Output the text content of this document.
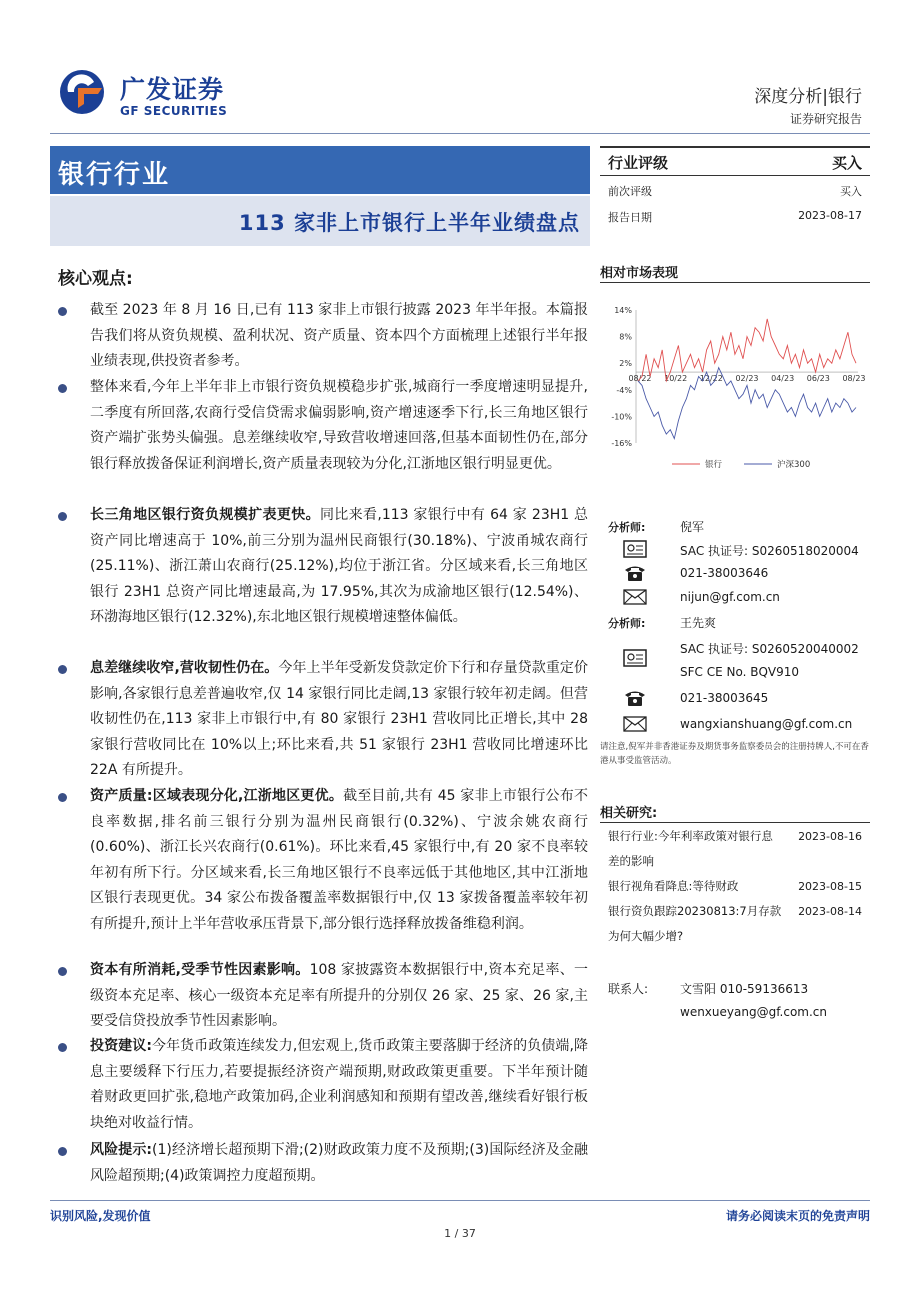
广发证券
GF SECURITIES
深度分析|银行
证券研究报告
银行行业
113 家非上市银行上半年业绩盘点
行业评级	买入
前次评级	买入
报告日期	2023-08-17
相对市场表现
14%
8%
2%
-4%
-10%
-16%
08/22 10/22 12/22 02/23 04/23 06/23 08/23
银行	沪深300
分析师:	倪军
SAC 执证号: S0260518020004
021-38003646
nijun@gf.com.cn
分析师:	王先爽
SAC 执证号: S0260520040002
SFC CE No. BQV910
021-38003645
wangxianshuang@gf.com.cn
请注意,倪军并非香港证券及期货事务监察委员会的注册持牌人,不可在香港从事受监管活动。
相关研究:
银行行业:今年利率政策对银行息差的影响
2023-08-16
银行视角看降息:等待财政	2023-08-15
银行资负跟踪20230813:7月存款为何大幅少增?
2023-08-14
联系人:	文雪阳 010-59136613
wenxueyang@gf.com.cn
核心观点:
截至 2023 年 8 月 16 日,已有 113 家非上市银行披露 2023 年半年报。本篇报告我们将从资负规模、盈利状况、资产质量、资本四个方面梳理上述银行半年报业绩表现,供投资者参考。
整体来看,今年上半年非上市银行资负规模稳步扩张,城商行一季度增速明显提升,二季度有所回落,农商行受信贷需求偏弱影响,资产增速逐季下行,长三角地区银行资产端扩张势头偏强。息差继续收窄,导致营收增速回落,但基本面韧性仍在,部分银行释放拨备保证利润增长,资产质量表现较为分化,江浙地区银行明显更优。
长三角地区银行资负规模扩表更快。同比来看,113 家银行中有 64 家 23H1 总资产同比增速高于 10%,前三分别为温州民商银行(30.18%)、宁波甬城农商行(25.11%)、浙江萧山农商行(25.12%),均位于浙江省。分区域来看,长三角地区银行 23H1 总资产同比增速最高,为 17.95%,其次为成渝地区银行(12.54%)、环渤海地区银行(12.32%),东北地区银行规模增速整体偏低。
息差继续收窄,营收韧性仍在。今年上半年受新发贷款定价下行和存量贷款重定价影响,各家银行息差普遍收窄,仅 14 家银行同比走阔,13 家银行较年初走阔。但营收韧性仍在,113 家非上市银行中,有 80 家银行 23H1 营收同比正增长,其中 28 家银行营收同比在 10%以上;环比来看,共 51 家银行 23H1 营收同比增速环比 22A 有所提升。
资产质量:区域表现分化,江浙地区更优。截至目前,共有 45 家非上市银行公布不良率数据,排名前三银行分别为温州民商银行(0.32%)、宁波余姚农商行(0.60%)、浙江长兴农商行(0.61%)。环比来看,45 家银行中,有 20 家不良率较年初有所下行。分区域来看,长三角地区银行不良率远低于其他地区,其中江浙地区银行表现更优。34 家公布拨备覆盖率数据银行中,仅 13 家拨备覆盖率较年初有所提升,预计上半年营收承压背景下,部分银行选择释放拨备维稳利润。
资本有所消耗,受季节性因素影响。108 家披露资本数据银行中,资本充足率、一级资本充足率、核心一级资本充足率有所提升的分别仅 26 家、25 家、26 家,主要受信贷投放季节性因素影响。
投资建议:今年货币政策连续发力,但宏观上,货币政策主要落脚于经济的负债端,降息主要缓释下行压力,若要提振经济资产端预期,财政政策更重要。下半年预计随着财政更回扩张,稳地产政策加码,企业利润感知和预期有望改善,继续看好银行板块绝对收益行情。
风险提示:(1)经济增长超预期下滑;(2)财政政策力度不及预期;(3)国际经济及金融风险超预期;(4)政策调控力度超预期。
识别风险,发现价值	请务必阅读末页的免责声明
1 / 37
